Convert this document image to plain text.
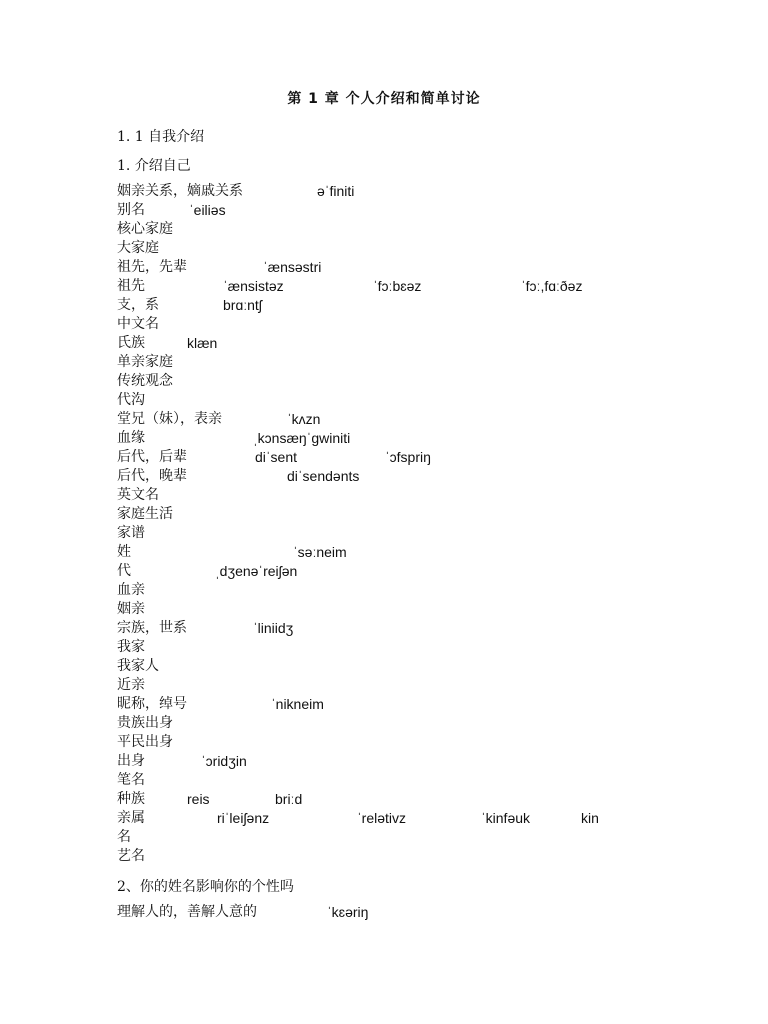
第 1 章 个人介绍和简单讨论
1. 1 自我介绍
1. 介绍自己
姻亲关系，嫡戚关系	əˈfiniti
别名	ˈeiliəs
核心家庭
大家庭
祖先，先辈	ˈænsəstri
祖先	ˈænsistəz	ˈfɔːbɛəz	ˈfɔː,fɑːðəz
支，系	brɑːntʃ
中文名
氏族	klæn
单亲家庭
传统观念
代沟
堂兄（妹），表亲	ˈkʌzn
血缘	ˌkɔnsæŋˈgwiniti
后代，后辈	diˈsent	ˈɔfspriŋ
后代，晚辈	diˈsendənts
英文名
家庭生活
家谱
姓	ˈsəːneim
代	ˌdʒenəˈreiʃən
血亲
姻亲
宗族，世系	ˈliniidʒ
我家
我家人
近亲
昵称，绰号	ˈnikneim
贵族出身
平民出身
出身	ˈɔridʒin
笔名
种族	reis	briːd
亲属	riˈleiʃənz	ˈrelətivz	ˈkinfəuk	kin
名
艺名
2、你的姓名影响你的个性吗
理解人的，善解人意的	ˈkɛəriŋ
